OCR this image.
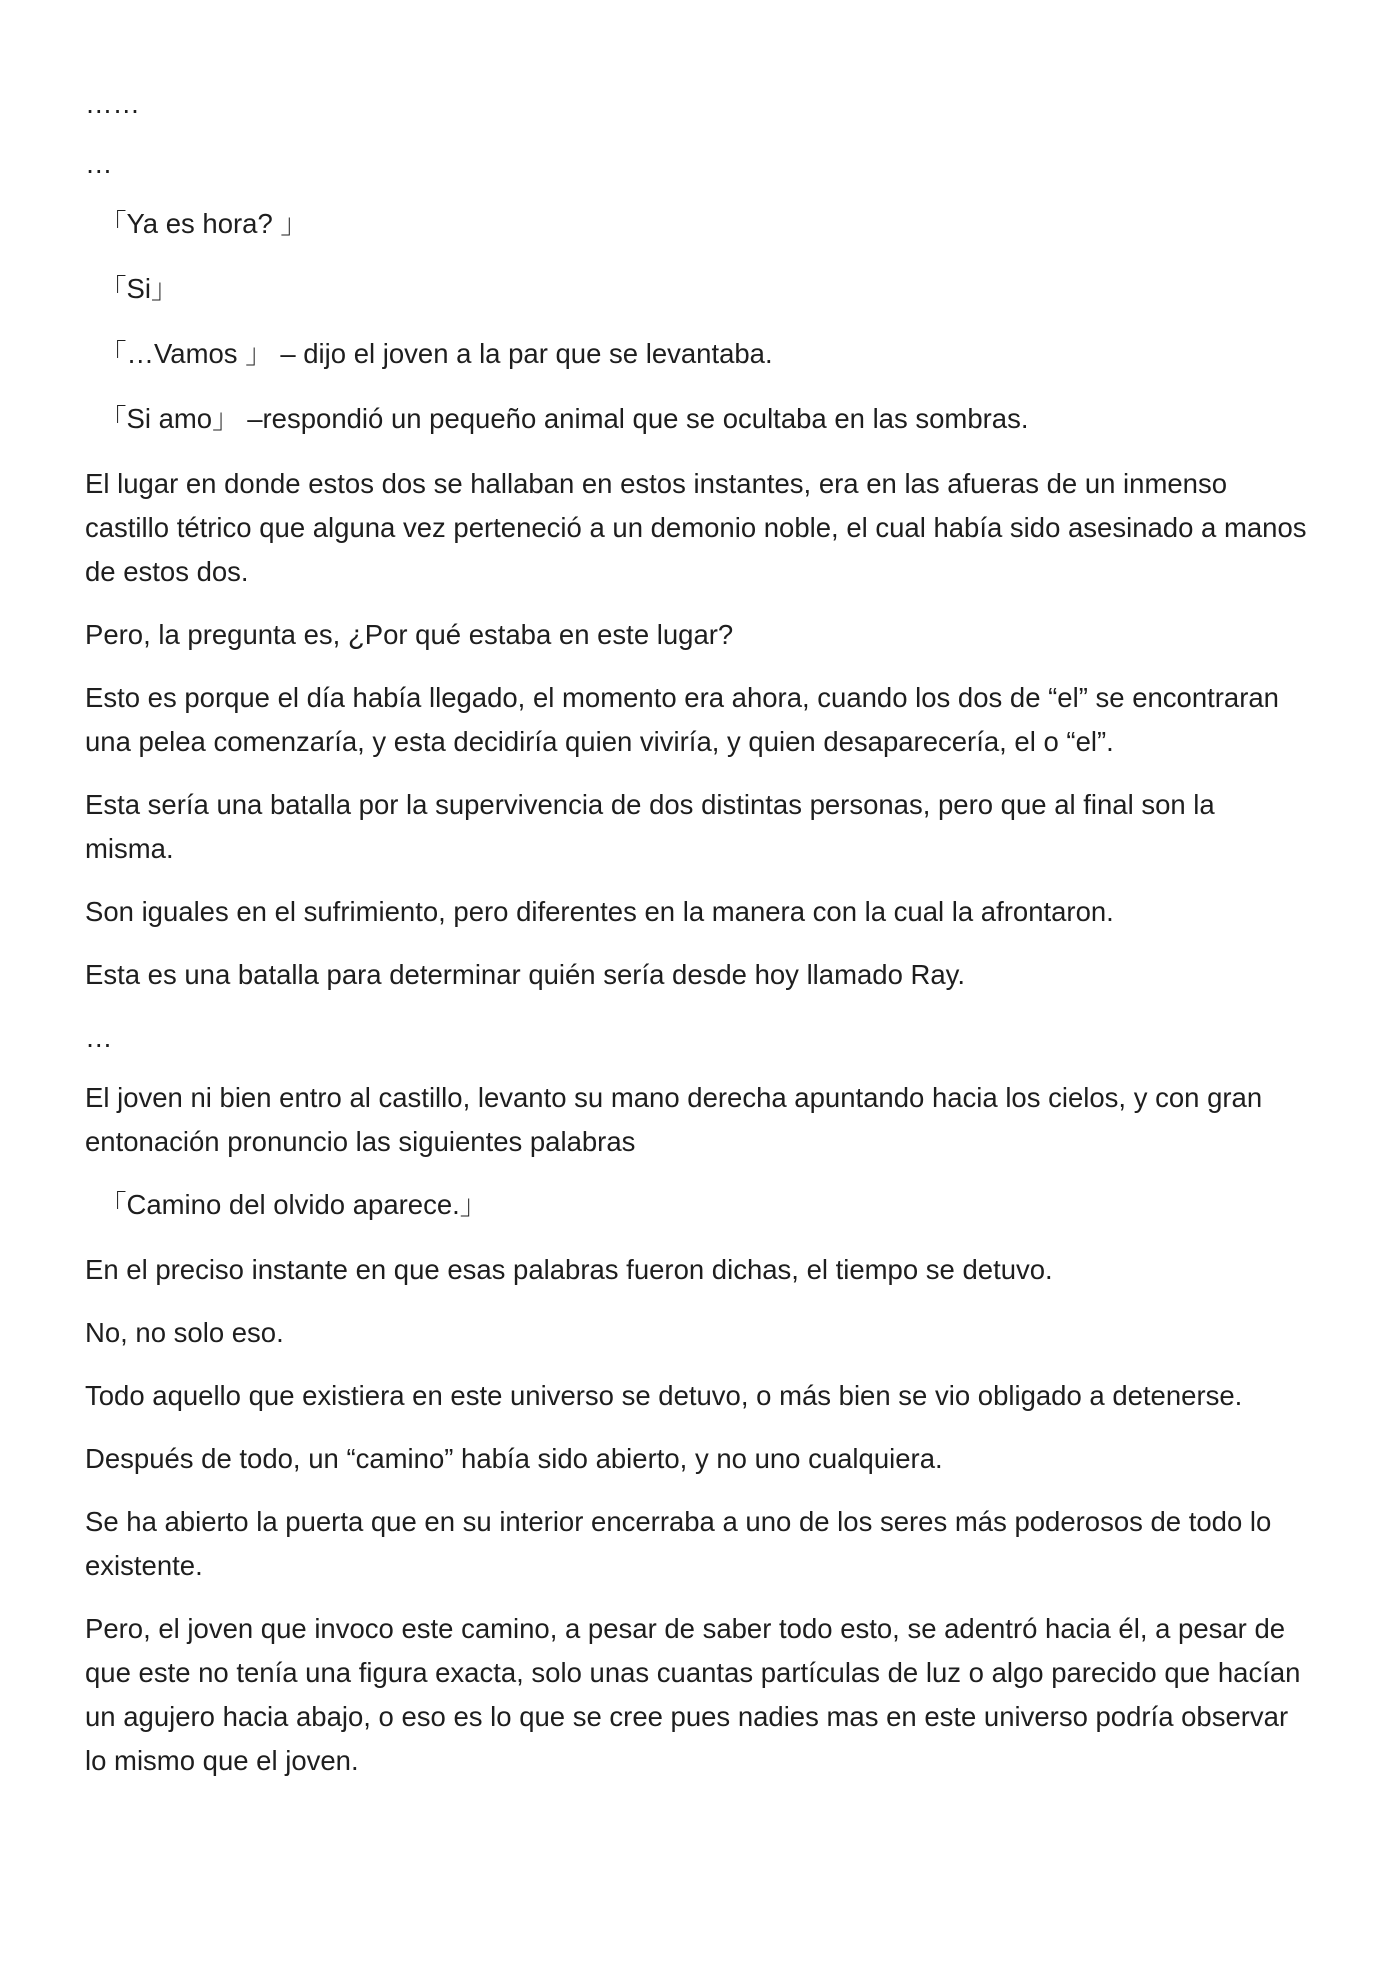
……

…

「Ya es hora? 」

「Si」

「…Vamos 」 – dijo el joven a la par que se levantaba.

「Si amo」 –respondió un pequeño animal que se ocultaba en las sombras.

El lugar en donde estos dos se hallaban en estos instantes, era en las afueras de un inmenso castillo tétrico que alguna vez perteneció a un demonio noble, el cual había sido asesinado a manos de estos dos.

Pero, la pregunta es, ¿Por qué estaba en este lugar?

Esto es porque el día había llegado, el momento era ahora, cuando los dos de “el” se encontraran una pelea comenzaría, y esta decidiría quien viviría, y quien desaparecería, el o “el”.

Esta sería una batalla por la supervivencia de dos distintas personas, pero que al final son la misma.

Son iguales en el sufrimiento, pero diferentes en la manera con la cual la afrontaron.

Esta es una batalla para determinar quién sería desde hoy llamado Ray.

…

El joven ni bien entro al castillo, levanto su mano derecha apuntando hacia los cielos, y con gran entonación pronuncio las siguientes palabras

「Camino del olvido aparece.」

En el preciso instante en que esas palabras fueron dichas, el tiempo se detuvo.

No, no solo eso.

Todo aquello que existiera en este universo se detuvo, o más bien se vio obligado a detenerse.

Después de todo, un “camino” había sido abierto, y no uno cualquiera.

Se ha abierto la puerta que en su interior encerraba a uno de los seres más poderosos de todo lo existente.

Pero, el joven que invoco este camino, a pesar de saber todo esto, se adentró hacia él, a pesar de que este no tenía una figura exacta, solo unas cuantas partículas de luz o algo parecido que hacían un agujero hacia abajo, o eso es lo que se cree pues nadies mas en este universo podría observar lo mismo que el joven.
